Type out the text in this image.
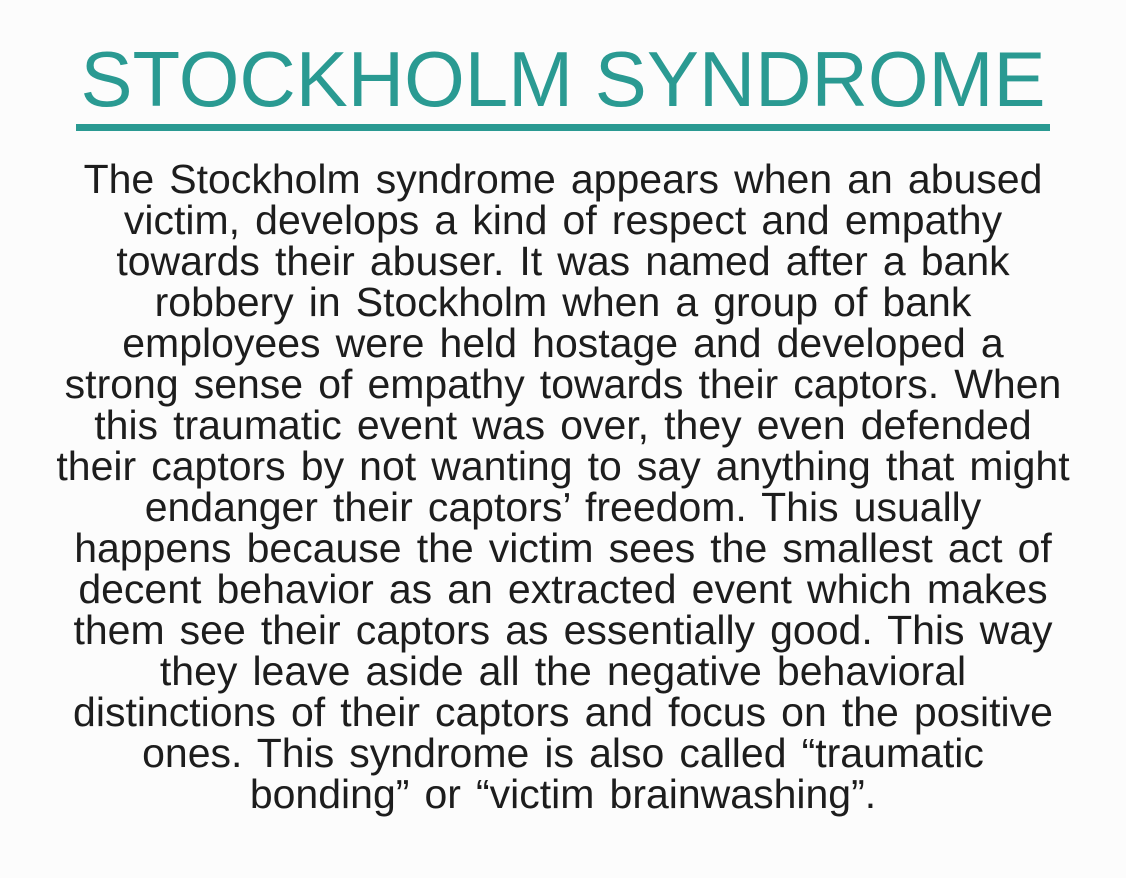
STOCKHOLM SYNDROME
The Stockholm syndrome appears when an abused
victim, develops a kind of respect and empathy
towards their abuser. It was named after a bank
robbery in Stockholm when a group of bank
employees were held hostage and developed a
strong sense of empathy towards their captors. When
this traumatic event was over, they even defended
their captors by not wanting to say anything that might
endanger their captors’ freedom. This usually
happens because the victim sees the smallest act of
decent behavior as an extracted event which makes
them see their captors as essentially good. This way
they leave aside all the negative behavioral
distinctions of their captors and focus on the positive
ones. This syndrome is also called “traumatic
bonding” or “victim brainwashing”.
